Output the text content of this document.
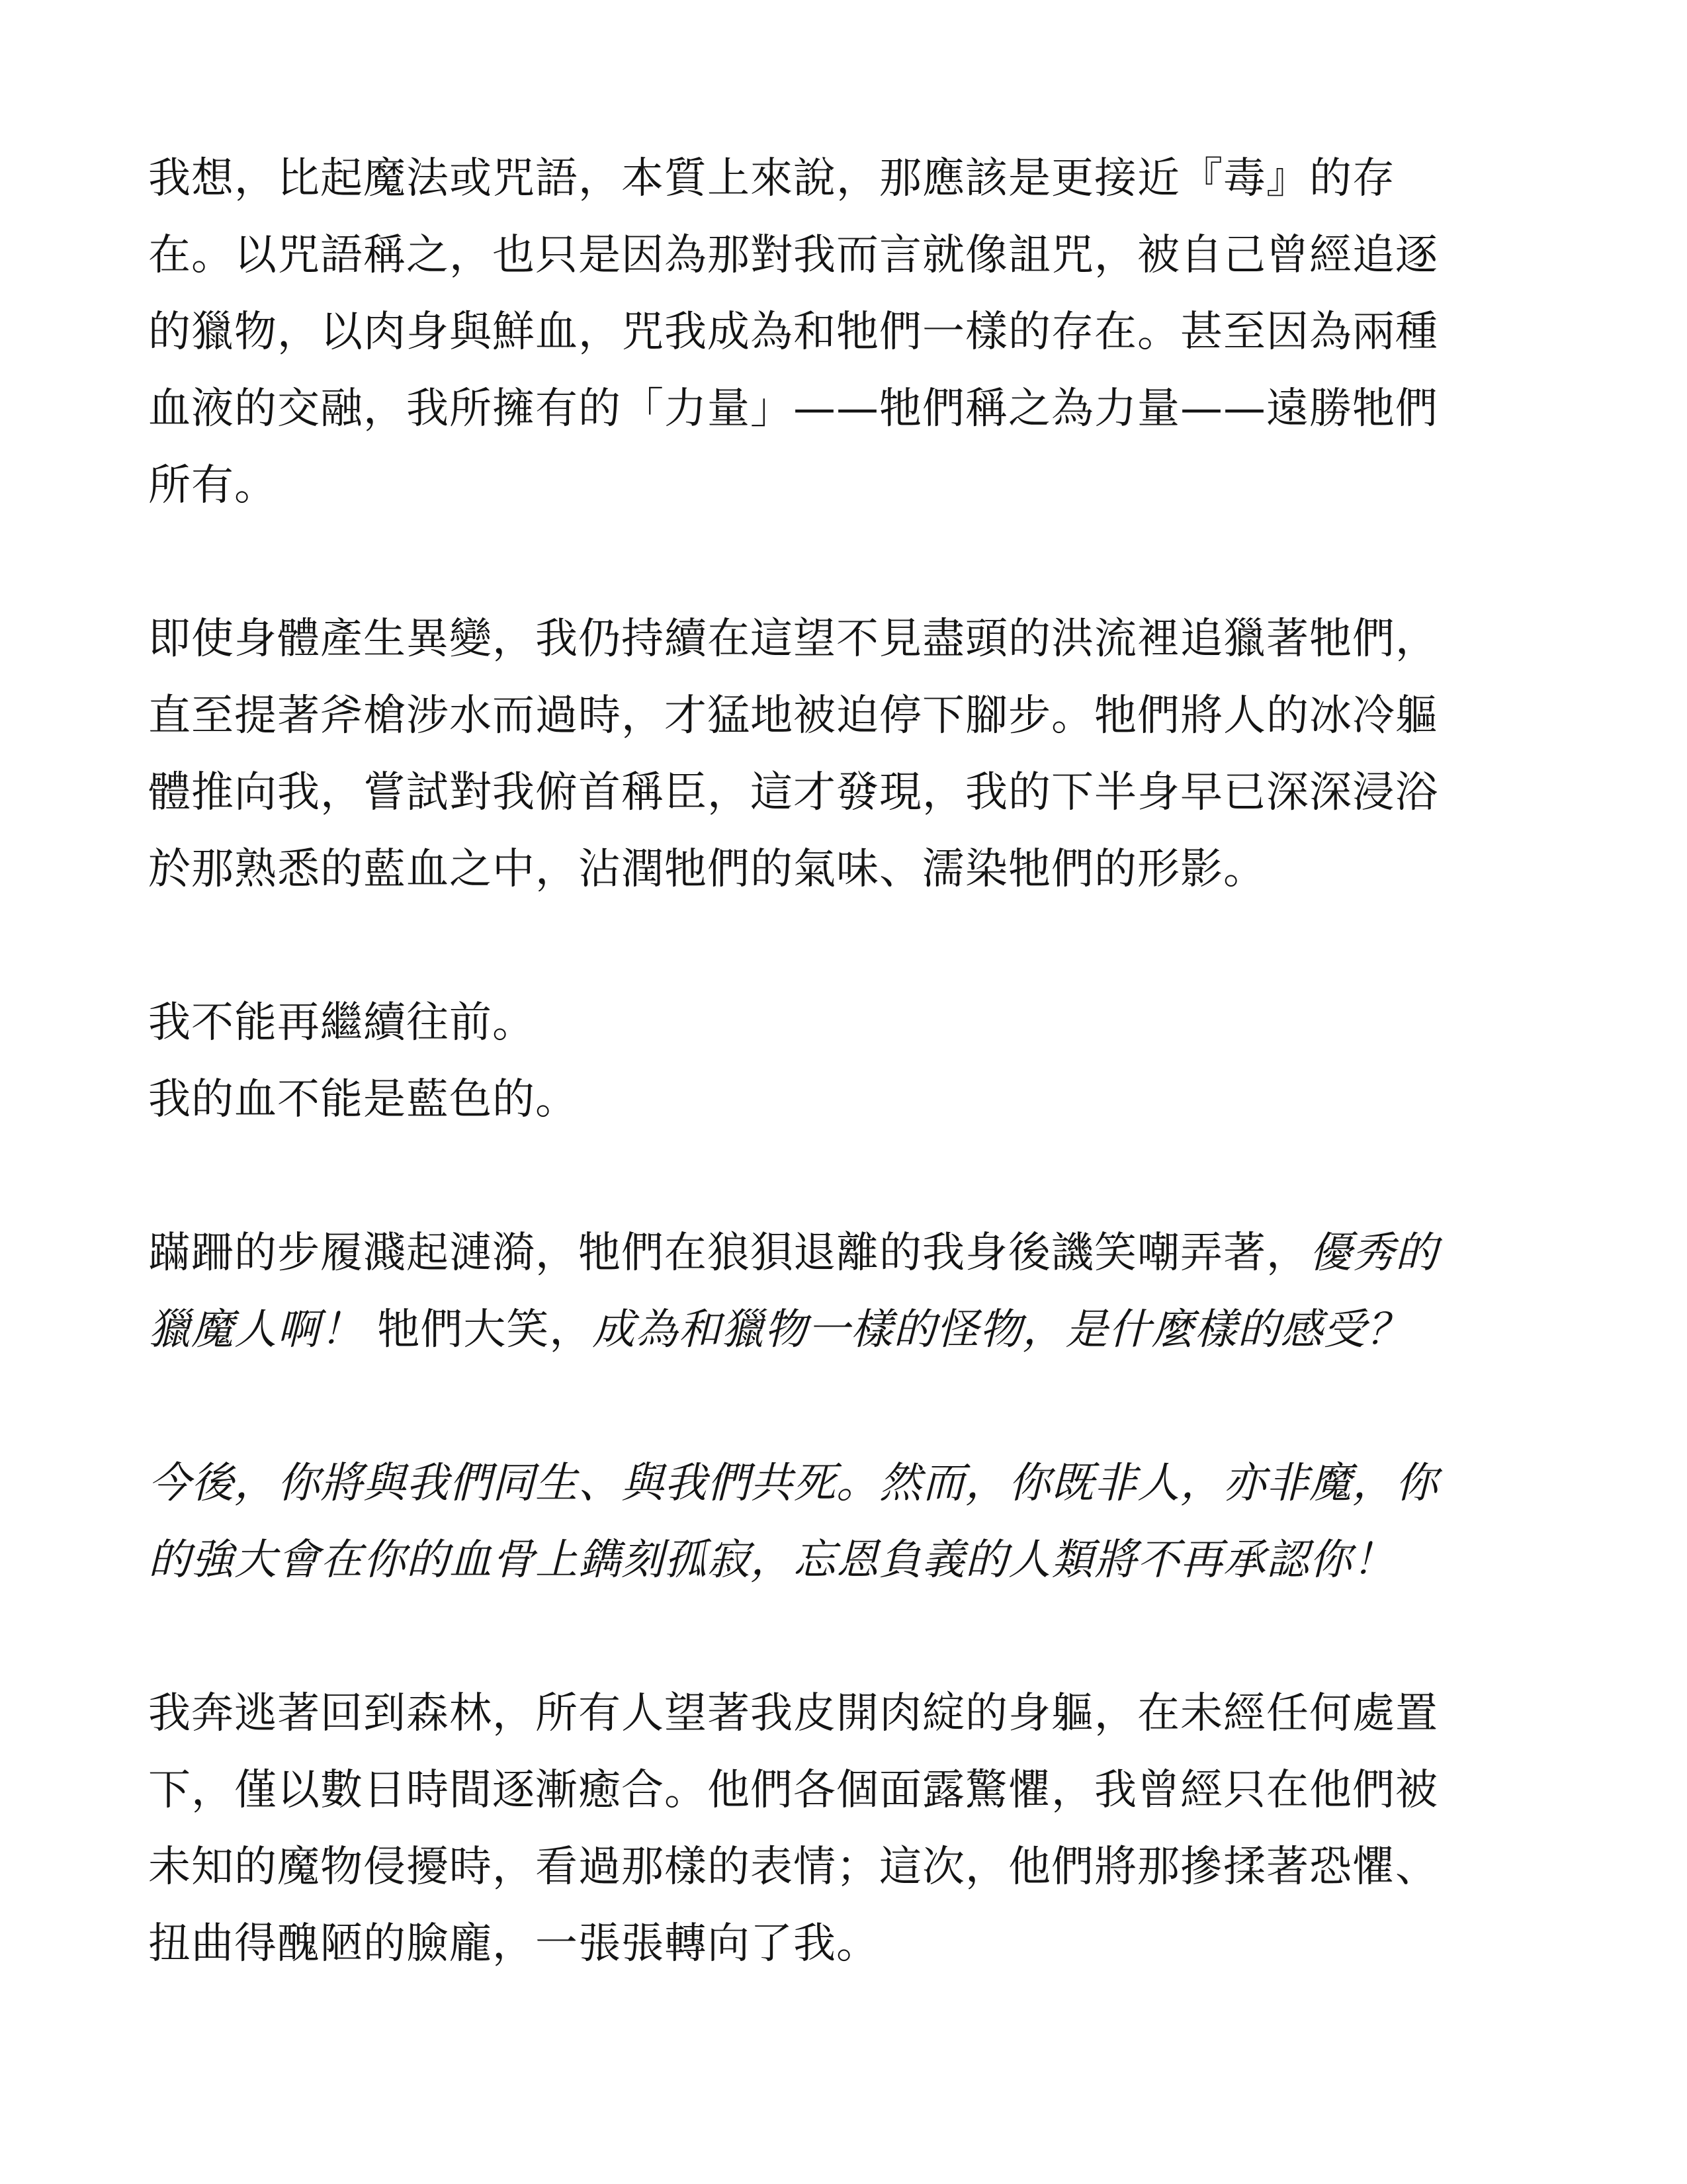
我想，比起魔法或咒語，本質上來說，那應該是更接近『毒』的存
在。以咒語稱之，也只是因為那對我而言就像詛咒，被自己曾經追逐
的獵物，以肉身與鮮血，咒我成為和牠們一樣的存在。甚至因為兩種
血液的交融，我所擁有的「力量」——牠們稱之為力量——遠勝牠們
所有。
即使身體產生異變，我仍持續在這望不見盡頭的洪流裡追獵著牠們，
直至提著斧槍涉水而過時，才猛地被迫停下腳步。牠們將人的冰冷軀
體推向我，嘗試對我俯首稱臣，這才發現，我的下半身早已深深浸浴
於那熟悉的藍血之中，沾潤牠們的氣味、濡染牠們的形影。
我不能再繼續往前。
我的血不能是藍色的。
蹣跚的步履濺起漣漪，牠們在狼狽退離的我身後譏笑嘲弄著，優秀的
獵魔人啊！ 牠們大笑，成為和獵物一樣的怪物，是什麼樣的感受？
今後，你將與我們同生、與我們共死。然而，你既非人，亦非魔，你
的強大會在你的血骨上鐫刻孤寂，忘恩負義的人類將不再承認你！
我奔逃著回到森林，所有人望著我皮開肉綻的身軀，在未經任何處置
下，僅以數日時間逐漸癒合。他們各個面露驚懼，我曾經只在他們被
未知的魔物侵擾時，看過那樣的表情；這次，他們將那摻揉著恐懼、
扭曲得醜陋的臉龐，一張張轉向了我。
